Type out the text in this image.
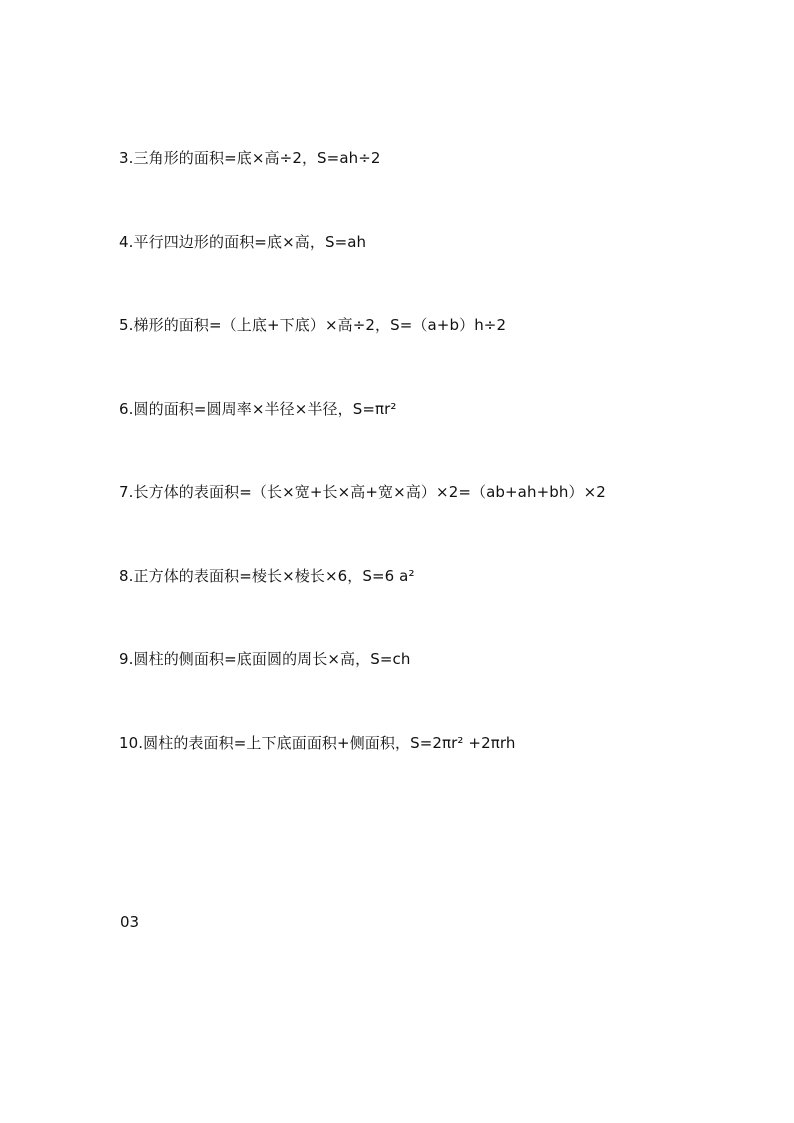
3.三角形的面积=底×高÷2，S=ah÷2
4.平行四边形的面积=底×高，S=ah
5.梯形的面积=（上底+下底）×高÷2，S=（a+b）h÷2
6.圆的面积=圆周率×半径×半径，S=πr²
7.长方体的表面积=（长×宽+长×高+宽×高）×2=（ab+ah+bh）×2
8.正方体的表面积=棱长×棱长×6，S=6 a²
9.圆柱的侧面积=底面圆的周长×高，S=ch
10.圆柱的表面积=上下底面面积+侧面积，S=2πr² +2πrh
03
